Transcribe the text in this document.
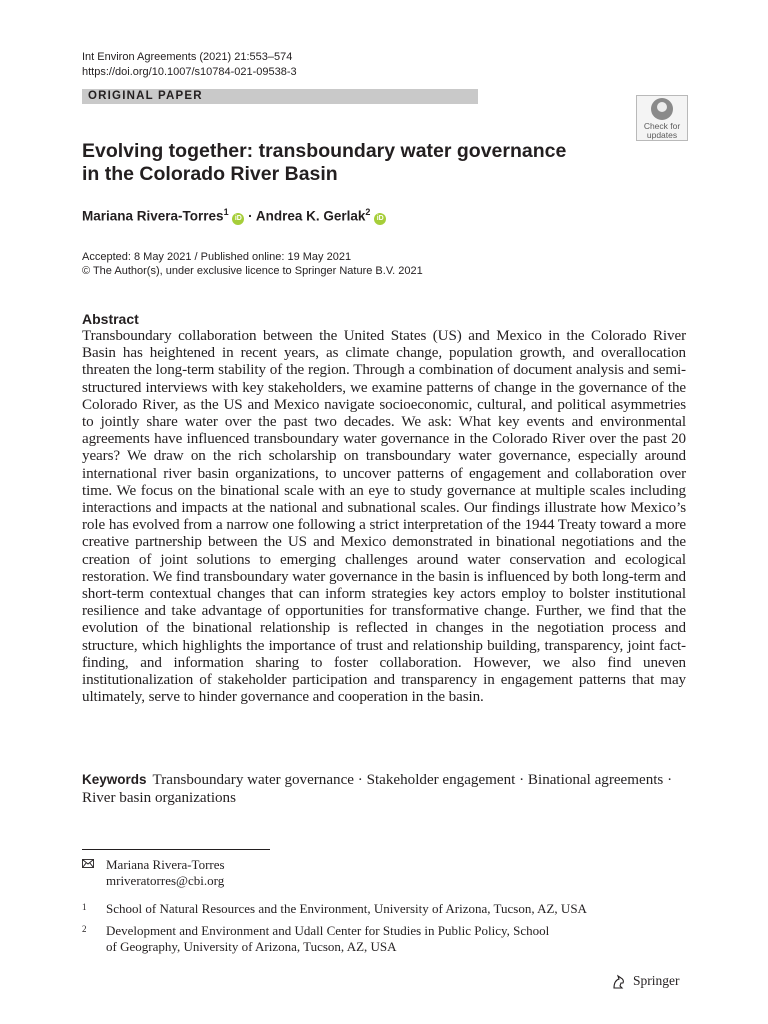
Int Environ Agreements (2021) 21:553–574
https://doi.org/10.1007/s10784-021-09538-3
ORIGINAL PAPER
Check for
updates
Evolving together: transboundary water governance
in the Colorado River Basin
Mariana Rivera‑Torres$^1$ iD · Andrea K. Gerlak$^2$ iD
Accepted: 8 May 2021 / Published online: 19 May 2021
© The Author(s), under exclusive licence to Springer Nature B.V. 2021
Abstract

Transboundary collaboration between the United States (US) and Mexico in the Colorado River Basin has heightened in recent years, as climate change, population growth, and overallocation threaten the long-term stability of the region. Through a combination of document analysis and semi-structured interviews with key stakeholders, we examine patterns of change in the governance of the Colorado River, as the US and Mexico navigate socioeconomic, cultural, and political asymmetries to jointly share water over the past two decades. We ask: What key events and environmental agreements have influenced transboundary water governance in the Colorado River over the past 20 years? We draw on the rich scholarship on transboundary water governance, especially around international river basin organizations, to uncover patterns of engagement and collaboration over time. We focus on the binational scale with an eye to study governance at multiple scales including interactions and impacts at the national and subnational scales. Our findings illustrate how Mexico’s role has evolved from a narrow one following a strict interpretation of the 1944 Treaty toward a more creative partnership between the US and Mexico demonstrated in binational negotiations and the creation of joint solutions to emerging challenges around water conservation and ecological restoration. We find transboundary water governance in the basin is influenced by both long-term and short-term contextual changes that can inform strategies key actors employ to bolster institutional resilience and take advantage of opportunities for transformative change. Further, we find that the evolution of the binational relationship is reflected in changes in the negotiation process and structure, which highlights the importance of trust and relationship building, transparency, joint fact-finding, and information sharing to foster collaboration. However, we also find uneven institutionalization of stakeholder participation and transparency in engagement patterns that may ultimately, serve to hinder governance and cooperation in the basin.

Keywords Transboundary water governance · Stakeholder engagement · Binational agreements · River basin organizations
Mariana Rivera-Torres
mriveratorres@cbi.org
1 School of Natural Resources and the Environment, University of Arizona, Tucson, AZ, USA
2 Development and Environment and Udall Center for Studies in Public Policy, School
of Geography, University of Arizona, Tucson, AZ, USA
Springer
